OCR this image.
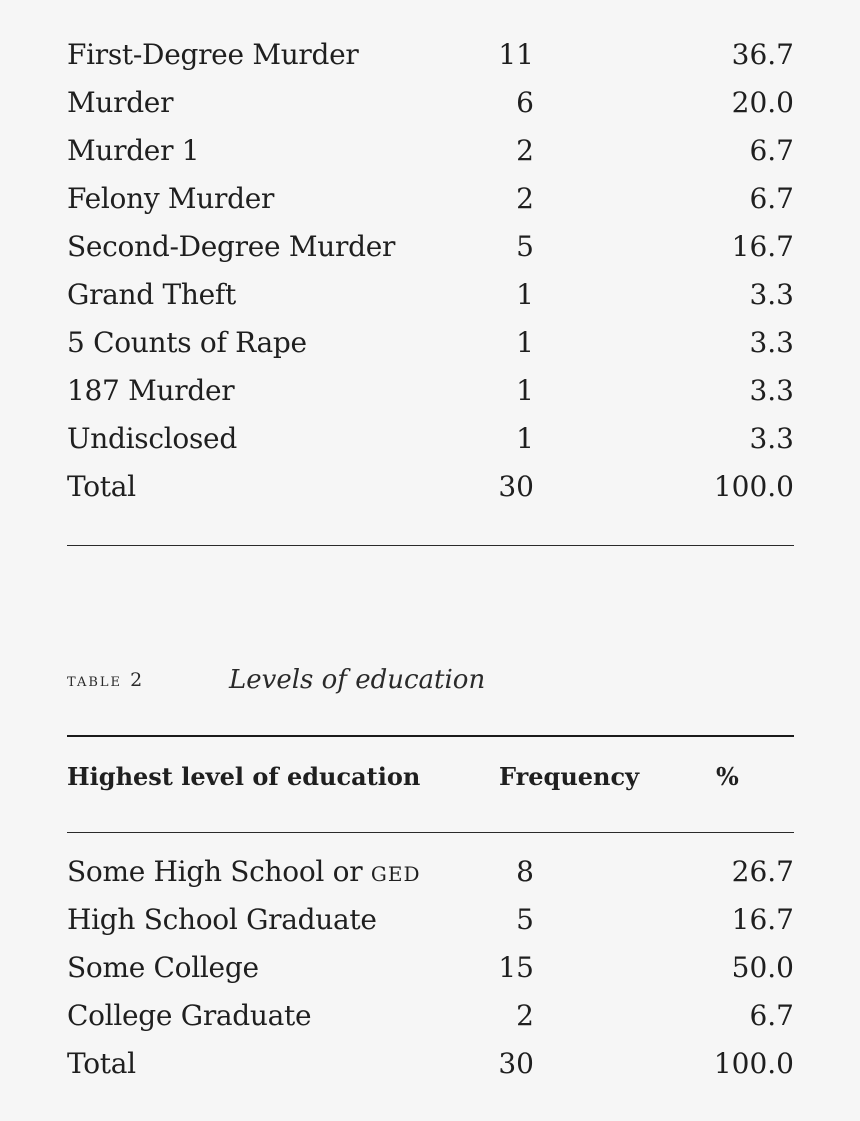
First-Degree Murder	11	36.7
Murder	6	20.0
Murder 1	2	6.7
Felony Murder	2	6.7
Second-Degree Murder	5	16.7
Grand Theft	1	3.3
5 Counts of Rape	1	3.3
187 Murder	1	3.3
Undisclosed	1	3.3
Total	30	100.0
table 2	Levels of education
Highest level of education	Frequency	%
Some High School or ged	8	26.7
High School Graduate	5	16.7
Some College	15	50.0
College Graduate	2	6.7
Total	30	100.0
